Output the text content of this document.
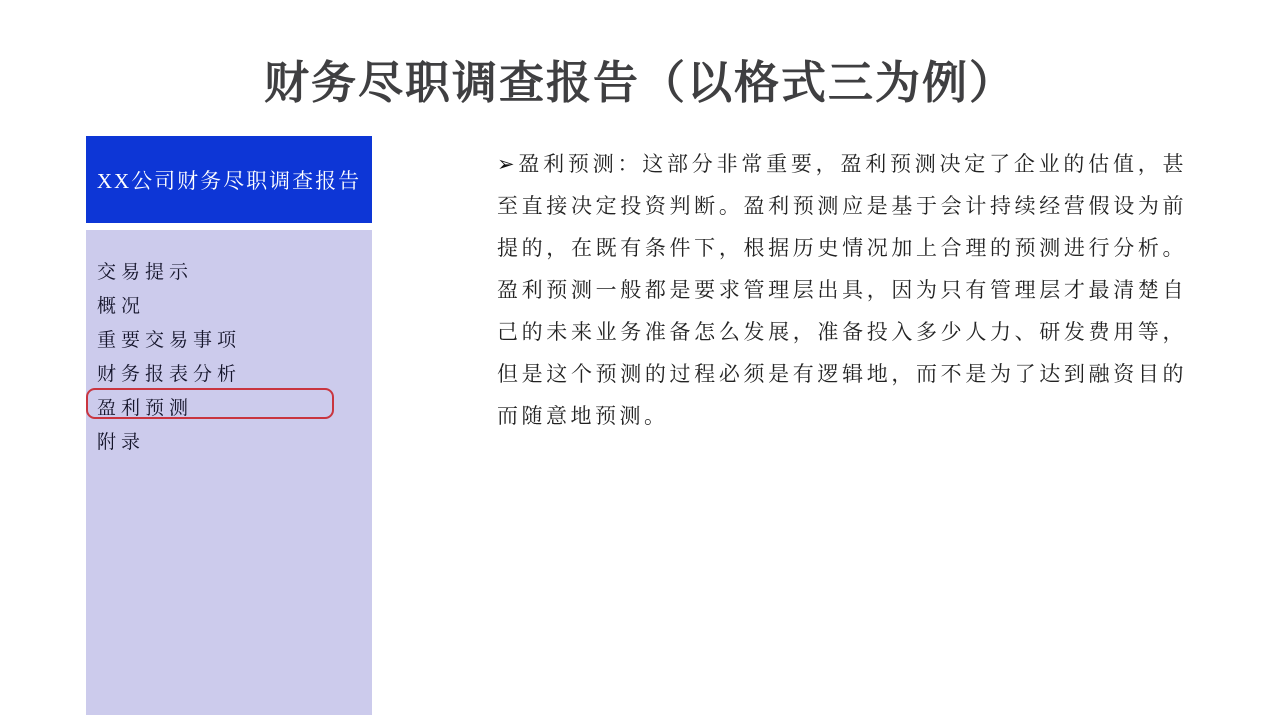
财务尽职调查报告（以格式三为例）
XX公司财务尽职调查报告
交易提示
概况
重要交易事项
财务报表分析
盈利预测
附录

➢盈利预测：这部分非常重要，盈利预测决定了企业的估值，甚至直接决定投资判断。盈利预测应是基于会计持续经营假设为前提的，在既有条件下，根据历史情况加上合理的预测进行分析。盈利预测一般都是要求管理层出具，因为只有管理层才最清楚自己的未来业务准备怎么发展，准备投入多少人力、研发费用等，但是这个预测的过程必须是有逻辑地，而不是为了达到融资目的而随意地预测。
